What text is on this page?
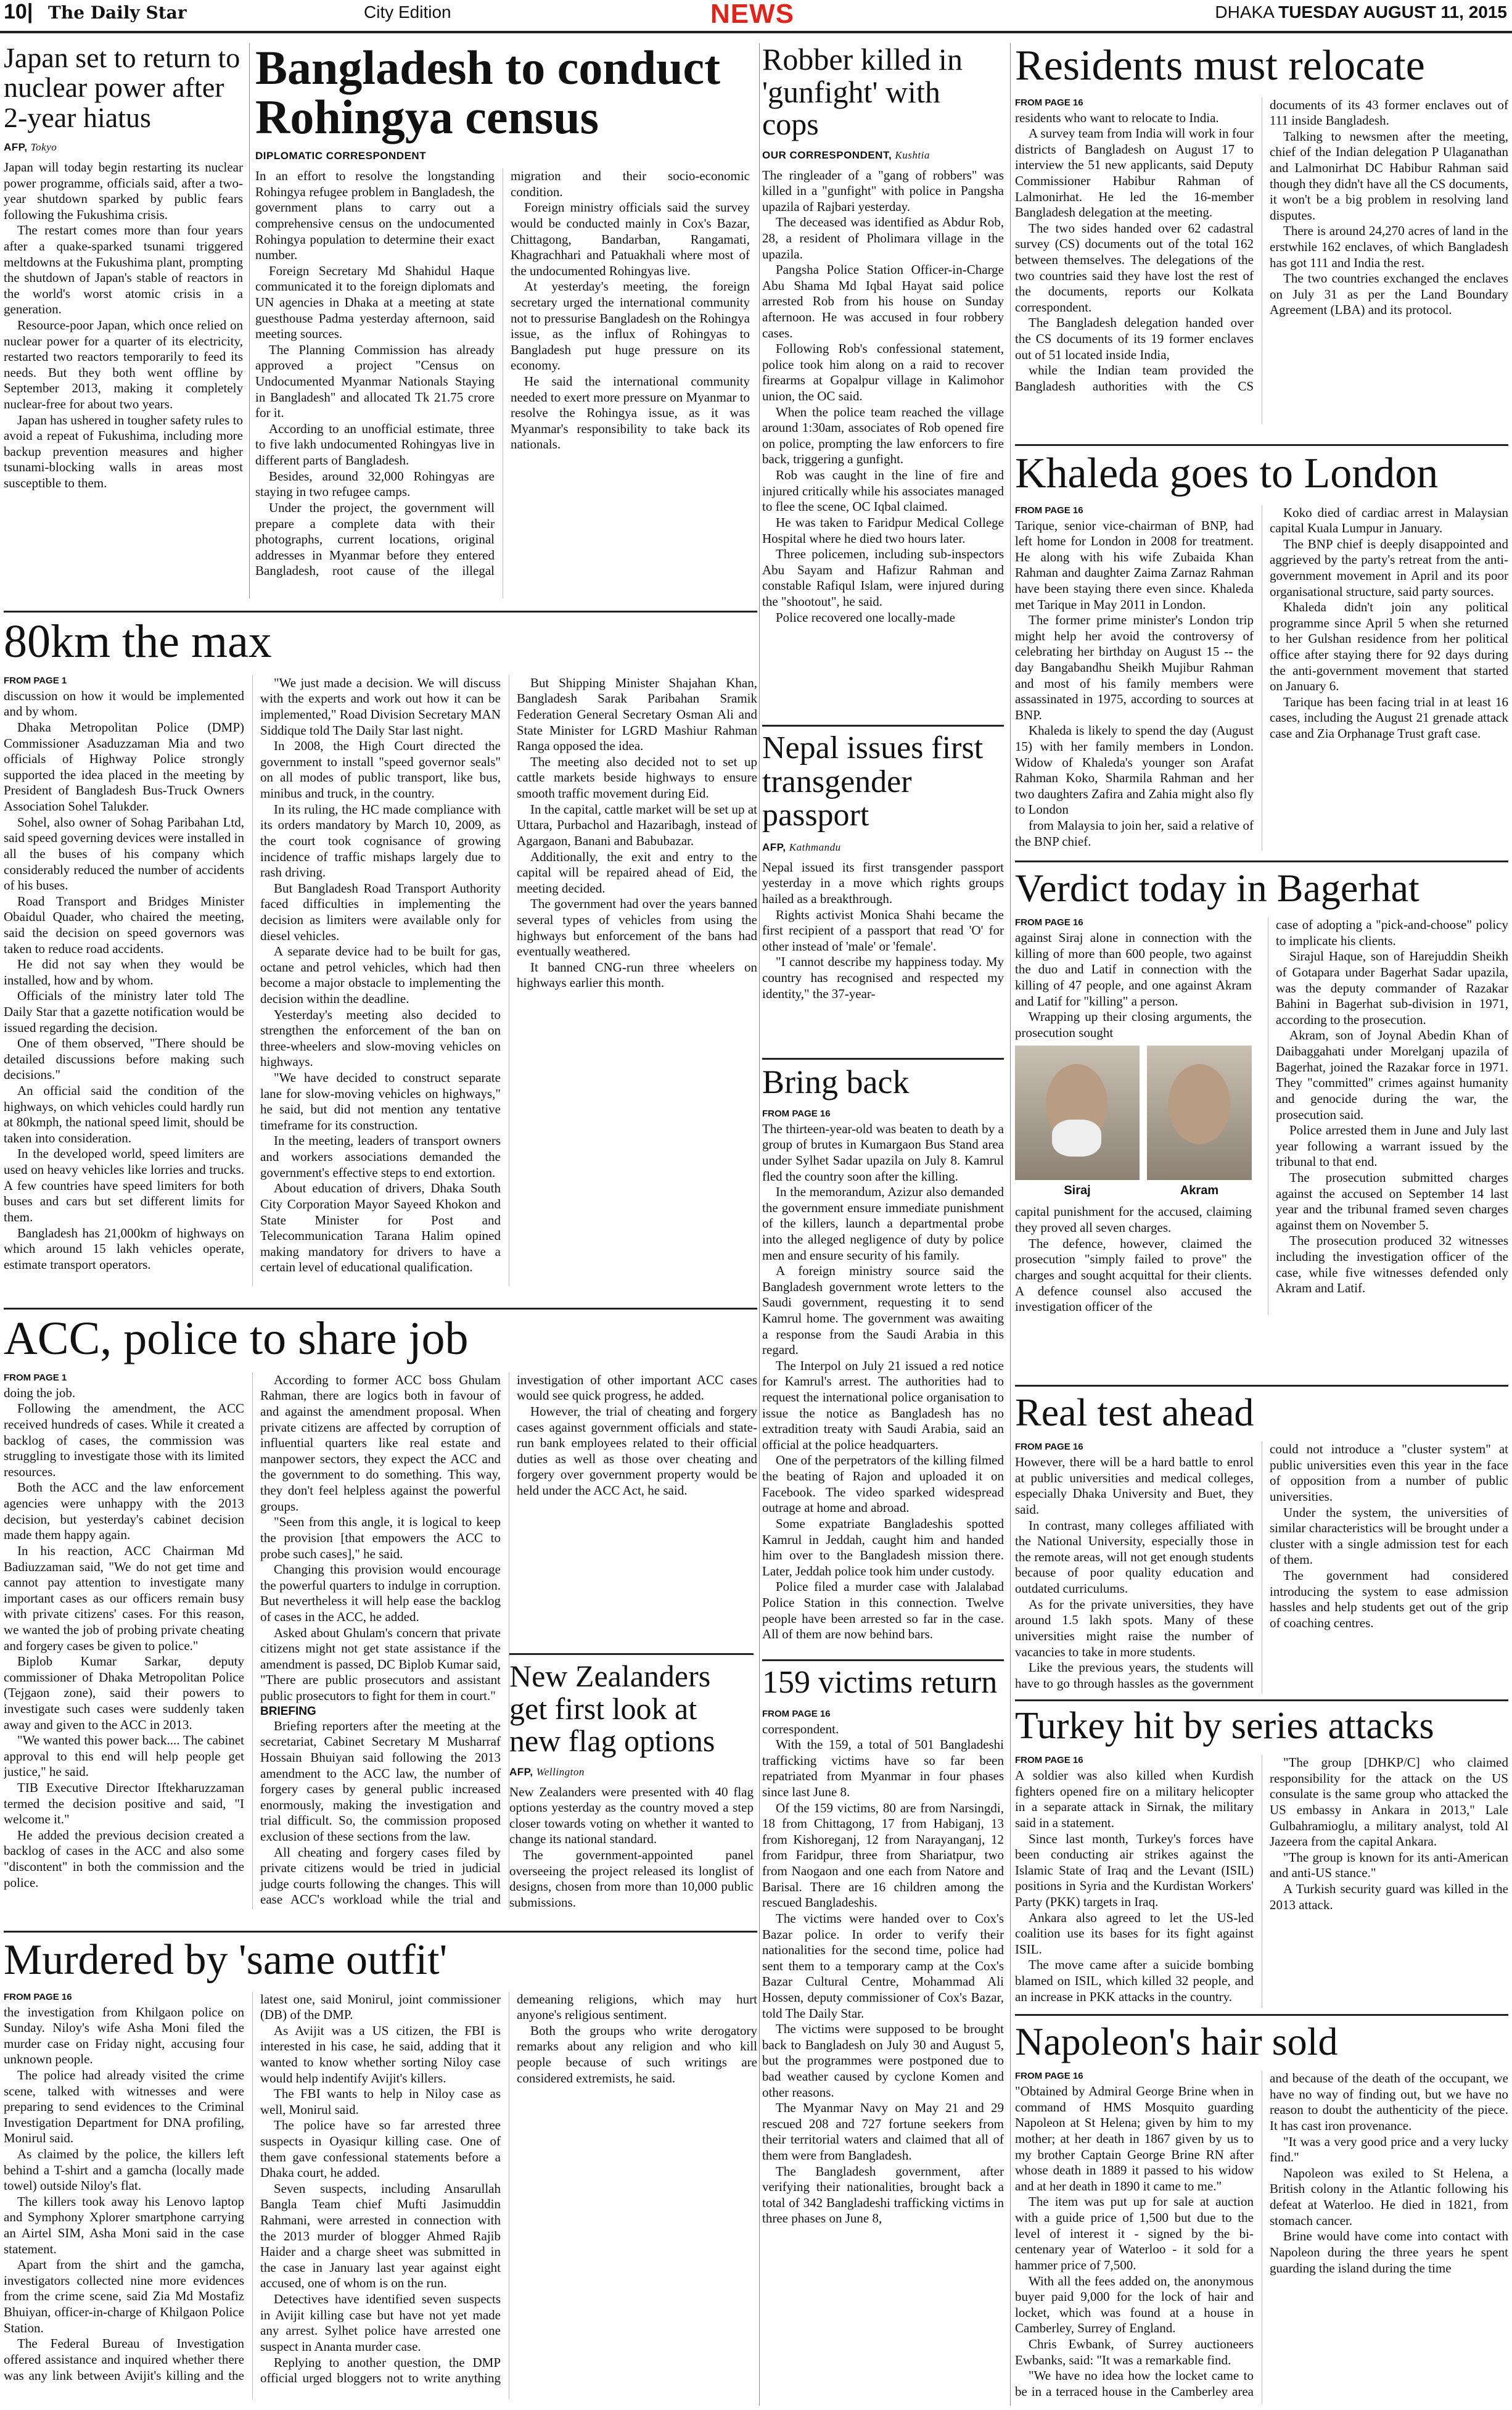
10| The Daily Star	City Edition	NEWS	DHAKA TUESDAY AUGUST 11, 2015
Japan set to return to nuclear power after 2-year hiatus
AFP, Tokyo

Japan will today begin restarting its nuclear power programme, officials said, after a two-year shutdown sparked by public fears following the Fukushima crisis.

The restart comes more than four years after a quake-sparked tsunami triggered meltdowns at the Fukushima plant, prompting the shutdown of Japan's stable of reactors in the world's worst atomic crisis in a generation.

Resource-poor Japan, which once relied on nuclear power for a quarter of its electricity, restarted two reactors temporarily to feed its needs. But they both went offline by September 2013, making it completely nuclear-free for about two years.

Japan has ushered in tougher safety rules to avoid a repeat of Fukushima, including more backup prevention measures and higher tsunami-blocking walls in areas most susceptible to them.

Bangladesh to conduct Rohingya census
DIPLOMATIC CORRESPONDENT

In an effort to resolve the longstanding Rohingya refugee problem in Bangladesh, the government plans to carry out a comprehensive census on the undocumented Rohingya population to determine their exact number.

Foreign Secretary Md Shahidul Haque communicated it to the foreign diplomats and UN agencies in Dhaka at a meeting at state guesthouse Padma yesterday afternoon, said meeting sources.

The Planning Commission has already approved a project "Census on Undocumented Myanmar Nationals Staying in Bangladesh" and allocated Tk 21.75 crore for it.

According to an unofficial estimate, three to five lakh undocumented Rohingyas live in different parts of Bangladesh.

Besides, around 32,000 Rohingyas are staying in two refugee camps.

Under the project, the government will prepare a complete data with their photographs, current locations, original addresses in Myanmar before they entered Bangladesh, root cause of the illegal migration and their socio-economic condition.

Foreign ministry officials said the survey would be conducted mainly in Cox's Bazar, Chittagong, Bandarban, Rangamati, Khagrachhari and Patuakhali where most of the undocumented Rohingyas live.

At yesterday's meeting, the foreign secretary urged the international community not to pressurise Bangladesh on the Rohingya issue, as the influx of Rohingyas to Bangladesh put huge pressure on its economy.

He said the international community needed to exert more pressure on Myanmar to resolve the Rohingya issue, as it was Myanmar's responsibility to take back its nationals.

Robber killed in 'gunfight' with cops
OUR CORRESPONDENT, Kushtia

The ringleader of a "gang of robbers" was killed in a "gunfight" with police in Pangsha upazila of Rajbari yesterday.

The deceased was identified as Abdur Rob, 28, a resident of Pholimara village in the upazila.

Pangsha Police Station Officer-in-Charge Abu Shama Md Iqbal Hayat said police arrested Rob from his house on Sunday afternoon. He was accused in four robbery cases.

Following Rob's confessional statement, police took him along on a raid to recover firearms at Gopalpur village in Kalimohor union, the OC said.

When the police team reached the village around 1:30am, associates of Rob opened fire on police, prompting the law enforcers to fire back, triggering a gunfight.

Rob was caught in the line of fire and injured critically while his associates managed to flee the scene, OC Iqbal claimed.

He was taken to Faridpur Medical College Hospital where he died two hours later.

Three policemen, including sub-inspectors Abu Sayam and Hafizur Rahman and constable Rafiqul Islam, were injured during the "shootout", he said.

Police recovered one locally-made

Residents must relocate
FROM PAGE 16

residents who want to relocate to India.

A survey team from India will work in four districts of Bangladesh on August 17 to interview the 51 new applicants, said Deputy Commissioner Habibur Rahman of Lalmonirhat. He led the 16-member Bangladesh delegation at the meeting.

The two sides handed over 62 cadastral survey (CS) documents out of the total 162 between themselves. The delegations of the two countries said they have lost the rest of the documents, reports our Kolkata correspondent.

The Bangladesh delegation handed over the CS documents of its 19 former enclaves out of 51 located inside India,

while the Indian team provided the Bangladesh authorities with the CS documents of its 43 former enclaves out of 111 inside Bangladesh.

Talking to newsmen after the meeting, chief of the Indian delegation P Ulaganathan and Lalmonirhat DC Habibur Rahman said though they didn't have all the CS documents, it won't be a big problem in resolving land disputes.

There is around 24,270 acres of land in the erstwhile 162 enclaves, of which Bangladesh has got 111 and India the rest.

The two countries exchanged the enclaves on July 31 as per the Land Boundary Agreement (LBA) and its protocol.

Khaleda goes to London
FROM PAGE 16

Tarique, senior vice-chairman of BNP, had left home for London in 2008 for treatment. He along with his wife Zubaida Khan Rahman and daughter Zaima Zarnaz Rahman have been staying there even since. Khaleda met Tarique in May 2011 in London.

The former prime minister's London trip might help her avoid the controversy of celebrating her birthday on August 15 -- the day Bangabandhu Sheikh Mujibur Rahman and most of his family members were assassinated in 1975, according to sources at BNP.

Khaleda is likely to spend the day (August 15) with her family members in London. Widow of Khaleda's younger son Arafat Rahman Koko, Sharmila Rahman and her two daughters Zafira and Zahia might also fly to London

from Malaysia to join her, said a relative of the BNP chief.

Koko died of cardiac arrest in Malaysian capital Kuala Lumpur in January.

The BNP chief is deeply disappointed and aggrieved by the party's retreat from the anti-government movement in April and its poor organisational structure, said party sources.

Khaleda didn't join any political programme since April 5 when she returned to her Gulshan residence from her political office after staying there for 92 days during the anti-government movement that started on January 6.

Tarique has been facing trial in at least 16 cases, including the August 21 grenade attack case and Zia Orphanage Trust graft case.

80km the max
FROM PAGE 1

discussion on how it would be implemented and by whom.

Dhaka Metropolitan Police (DMP) Commissioner Asaduzzaman Mia and two officials of Highway Police strongly supported the idea placed in the meeting by President of Bangladesh Bus-Truck Owners Association Sohel Talukder.

Sohel, also owner of Sohag Paribahan Ltd, said speed governing devices were installed in all the buses of his company which considerably reduced the number of accidents of his buses.

Road Transport and Bridges Minister Obaidul Quader, who chaired the meeting, said the decision on speed governors was taken to reduce road accidents.

He did not say when they would be installed, how and by whom.

Officials of the ministry later told The Daily Star that a gazette notification would be issued regarding the decision.

One of them observed, "There should be detailed discussions before making such decisions."

An official said the condition of the highways, on which vehicles could hardly run at 80kmph, the national speed limit, should be taken into consideration.

In the developed world, speed limiters are used on heavy vehicles like lorries and trucks. A few countries have speed limiters for both buses and cars but set different limits for them.

Bangladesh has 21,000km of highways on which around 15 lakh vehicles operate, estimate transport operators.

"We just made a decision. We will discuss with the experts and work out how it can be implemented," Road Division Secretary MAN Siddique told The Daily Star last night.

In 2008, the High Court directed the government to install "speed governor seals" on all modes of public transport, like bus, minibus and truck, in the country.

In its ruling, the HC made compliance with its orders mandatory by March 10, 2009, as the court took cognisance of growing incidence of traffic mishaps largely due to rash driving.

But Bangladesh Road Transport Authority faced difficulties in implementing the decision as limiters were available only for diesel vehicles.

A separate device had to be built for gas, octane and petrol vehicles, which had then become a major obstacle to implementing the decision within the deadline.

Yesterday's meeting also decided to strengthen the enforcement of the ban on three-wheelers and slow-moving vehicles on highways.

"We have decided to construct separate lane for slow-moving vehicles on highways," he said, but did not mention any tentative timeframe for its construction.

In the meeting, leaders of transport owners and workers associations demanded the government's effective steps to end extortion.

About education of drivers, Dhaka South City Corporation Mayor Sayeed Khokon and State Minister for Post and Telecommunication Tarana Halim opined making mandatory for drivers to have a certain level of educational qualification.

But Shipping Minister Shajahan Khan, Bangladesh Sarak Paribahan Sramik Federation General Secretary Osman Ali and State Minister for LGRD Mashiur Rahman Ranga opposed the idea.

The meeting also decided not to set up cattle markets beside highways to ensure smooth traffic movement during Eid.

In the capital, cattle market will be set up at Uttara, Purbachol and Hazaribagh, instead of Agargaon, Banani and Babubazar.

Additionally, the exit and entry to the capital will be repaired ahead of Eid, the meeting decided.

The government had over the years banned several types of vehicles from using the highways but enforcement of the bans had eventually weathered.

It banned CNG-run three wheelers on highways earlier this month.

Nepal issues first transgender passport
AFP, Kathmandu

Nepal issued its first transgender passport yesterday in a move which rights groups hailed as a breakthrough.

Rights activist Monica Shahi became the first recipient of a passport that read 'O' for other instead of 'male' or 'female'.

"I cannot describe my happiness today. My country has recognised and respected my identity," the 37-year-

Verdict today in Bagerhat
FROM PAGE 16

against Siraj alone in connection with the killing of more than 600 people, two against the duo and Latif in connection with the killing of 47 people, and one against Akram and Latif for "killing" a person.

Wrapping up their closing arguments, the prosecution sought

Siraj	Akram

capital punishment for the accused, claiming they proved all seven charges.

The defence, however, claimed the prosecution "simply failed to prove" the charges and sought acquittal for their clients. A defence counsel also accused the investigation officer of the

case of adopting a "pick-and-choose" policy to implicate his clients.

Sirajul Haque, son of Harejuddin Sheikh of Gotapara under Bagerhat Sadar upazila, was the deputy commander of Razakar Bahini in Bagerhat sub-division in 1971, according to the prosecution.

Akram, son of Joynal Abedin Khan of Daibaggahati under Morelganj upazila of Bagerhat, joined the Razakar force in 1971. They "committed" crimes against humanity and genocide during the war, the prosecution said.

Police arrested them in June and July last year following a warrant issued by the tribunal to that end.

The prosecution submitted charges against the accused on September 14 last year and the tribunal framed seven charges against them on November 5.

The prosecution produced 32 witnesses including the investigation officer of the case, while five witnesses defended only Akram and Latif.

Bring back
FROM PAGE 16

The thirteen-year-old was beaten to death by a group of brutes in Kumargaon Bus Stand area under Sylhet Sadar upazila on July 8. Kamrul fled the country soon after the killing.

In the memorandum, Azizur also demanded the government ensure immediate punishment of the killers, launch a departmental probe into the alleged negligence of duty by police men and ensure security of his family.

A foreign ministry source said the Bangladesh government wrote letters to the Saudi government, requesting it to send Kamrul home. The government was awaiting a response from the Saudi Arabia in this regard.

The Interpol on July 21 issued a red notice for Kamrul's arrest. The authorities had to request the international police organisation to issue the notice as Bangladesh has no extradition treaty with Saudi Arabia, said an official at the police headquarters.

One of the perpetrators of the killing filmed the beating of Rajon and uploaded it on Facebook. The video sparked widespread outrage at home and abroad.

Some expatriate Bangladeshis spotted Kamrul in Jeddah, caught him and handed him over to the Bangladesh mission there. Later, Jeddah police took him under custody.

Police filed a murder case with Jalalabad Police Station in this connection. Twelve people have been arrested so far in the case. All of them are now behind bars.

ACC, police to share job
FROM PAGE 1

doing the job.

Following the amendment, the ACC received hundreds of cases. While it created a backlog of cases, the commission was struggling to investigate those with its limited resources.

Both the ACC and the law enforcement agencies were unhappy with the 2013 decision, but yesterday's cabinet decision made them happy again.

In his reaction, ACC Chairman Md Badiuzzaman said, "We do not get time and cannot pay attention to investigate many important cases as our officers remain busy with private citizens' cases. For this reason, we wanted the job of probing private cheating and forgery cases be given to police."

Biplob Kumar Sarkar, deputy commissioner of Dhaka Metropolitan Police (Tejgaon zone), said their powers to investigate such cases were suddenly taken away and given to the ACC in 2013.

"We wanted this power back.... The cabinet approval to this end will help people get justice," he said.

TIB Executive Director Iftekharuzzaman termed the decision positive and said, "I welcome it."

He added the previous decision created a backlog of cases in the ACC and also some "discontent" in both the commission and the police.

According to former ACC boss Ghulam Rahman, there are logics both in favour of and against the amendment proposal. When private citizens are affected by corruption of influential quarters like real estate and manpower sectors, they expect the ACC and the government to do something. This way, they don't feel helpless against the powerful groups.

"Seen from this angle, it is logical to keep the provision [that empowers the ACC to probe such cases]," he said.

Changing this provision would encourage the powerful quarters to indulge in corruption. But nevertheless it will help ease the backlog of cases in the ACC, he added.

Asked about Ghulam's concern that private citizens might not get state assistance if the amendment is passed, DC Biplob Kumar said, "There are public prosecutors and assistant public prosecutors to fight for them in court."

BRIEFING

Briefing reporters after the meeting at the secretariat, Cabinet Secretary M Musharraf Hossain Bhuiyan said following the 2013 amendment to the ACC law, the number of forgery cases by general public increased enormously, making the investigation and trial difficult. So, the commission proposed exclusion of these sections from the law.

All cheating and forgery cases filed by private citizens would be tried in judicial judge courts following the changes. This will ease ACC's workload while the trial and investigation of other important ACC cases would see quick progress, he added.

However, the trial of cheating and forgery cases against government officials and state-run bank employees related to their official duties as well as those over cheating and forgery over government property would be held under the ACC Act, he said.

New Zealanders get first look at new flag options
AFP, Wellington

New Zealanders were presented with 40 flag options yesterday as the country moved a step closer towards voting on whether it wanted to change its national standard.

The government-appointed panel overseeing the project released its longlist of designs, chosen from more than 10,000 public submissions.

Real test ahead
FROM PAGE 16

However, there will be a hard battle to enrol at public universities and medical colleges, especially Dhaka University and Buet, they said.

In contrast, many colleges affiliated with the National University, especially those in the remote areas, will not get enough students because of poor quality education and outdated curriculums.

As for the private universities, they have around 1.5 lakh spots. Many of these universities might raise the number of vacancies to take in more students.

Like the previous years, the students will have to go through hassles as the government could not introduce a "cluster system" at public universities even this year in the face of opposition from a number of public universities.

Under the system, the universities of similar characteristics will be brought under a cluster with a single admission test for each of them.

The government had considered introducing the system to ease admission hassles and help students get out of the grip of coaching centres.

159 victims return
FROM PAGE 16

correspondent.

With the 159, a total of 501 Bangladeshi trafficking victims have so far been repatriated from Myanmar in four phases since last June 8.

Of the 159 victims, 80 are from Narsingdi, 18 from Chittagong, 17 from Habiganj, 13 from Kishoreganj, 12 from Narayanganj, 12 from Faridpur, three from Shariatpur, two from Naogaon and one each from Natore and Barisal. There are 16 children among the rescued Bangladeshis.

The victims were handed over to Cox's Bazar police. In order to verify their nationalities for the second time, police had sent them to a temporary camp at the Cox's Bazar Cultural Centre, Mohammad Ali Hossen, deputy commissioner of Cox's Bazar, told The Daily Star.

The victims were supposed to be brought back to Bangladesh on July 30 and August 5, but the programmes were postponed due to bad weather caused by cyclone Komen and other reasons.

The Myanmar Navy on May 21 and 29 rescued 208 and 727 fortune seekers from their territorial waters and claimed that all of them were from Bangladesh.

The Bangladesh government, after verifying their nationalities, brought back a total of 342 Bangladeshi trafficking victims in three phases on June 8,

Turkey hit by series attacks
FROM PAGE 16

A soldier was also killed when Kurdish fighters opened fire on a military helicopter in a separate attack in Sirnak, the military said in a statement.

Since last month, Turkey's forces have been conducting air strikes against the Islamic State of Iraq and the Levant (ISIL) positions in Syria and the Kurdistan Workers' Party (PKK) targets in Iraq.

Ankara also agreed to let the US-led coalition use its bases for its fight against ISIL.

The move came after a suicide bombing blamed on ISIL, which killed 32 people, and an increase in PKK attacks in the country.

"The group [DHKP/C] who claimed responsibility for the attack on the US consulate is the same group who attacked the US embassy in Ankara in 2013," Lale Gulbahramioglu, a military analyst, told Al Jazeera from the capital Ankara.

"The group is known for its anti-American and anti-US stance."

A Turkish security guard was killed in the 2013 attack.

Murdered by 'same outfit'
FROM PAGE 16

the investigation from Khilgaon police on Sunday. Niloy's wife Asha Moni filed the murder case on Friday night, accusing four unknown people.

The police had already visited the crime scene, talked with witnesses and were preparing to send evidences to the Criminal Investigation Department for DNA profiling, Monirul said.

As claimed by the police, the killers left behind a T-shirt and a gamcha (locally made towel) outside Niloy's flat.

The killers took away his Lenovo laptop and Symphony Xplorer smartphone carrying an Airtel SIM, Asha Moni said in the case statement.

Apart from the shirt and the gamcha, investigators collected nine more evidences from the crime scene, said Zia Md Mostafiz Bhuiyan, officer-in-charge of Khilgaon Police Station.

The Federal Bureau of Investigation offered assistance and inquired whether there was any link between Avijit's killing and the latest one, said Monirul, joint commissioner (DB) of the DMP.

As Avijit was a US citizen, the FBI is interested in his case, he said, adding that it wanted to know whether sorting Niloy case would help indentify Avijit's killers.

The FBI wants to help in Niloy case as well, Monirul said.

The police have so far arrested three suspects in Oyasiqur killing case. One of them gave confessional statements before a Dhaka court, he added.

Seven suspects, including Ansarullah Bangla Team chief Mufti Jasimuddin Rahmani, were arrested in connection with the 2013 murder of blogger Ahmed Rajib Haider and a charge sheet was submitted in the case in January last year against eight accused, one of whom is on the run.

Detectives have identified seven suspects in Avijit killing case but have not yet made any arrest. Sylhet police have arrested one suspect in Ananta murder case.

Replying to another question, the DMP official urged bloggers not to write anything demeaning religions, which may hurt anyone's religious sentiment.

Both the groups who write derogatory remarks about any religion and who kill people because of such writings are considered extremists, he said.

Napoleon's hair sold
FROM PAGE 16

"Obtained by Admiral George Brine when in command of HMS Mosquito guarding Napoleon at St Helena; given by him to my mother; at her death in 1867 given by us to my brother Captain George Brine RN after whose death in 1889 it passed to his widow and at her death in 1890 it came to me."

The item was put up for sale at auction with a guide price of 1,500 but due to the level of interest it - signed by the bi-centenary year of Waterloo - it sold for a hammer price of 7,500.

With all the fees added on, the anonymous buyer paid 9,000 for the lock of hair and locket, which was found at a house in Camberley, Surrey of England.

Chris Ewbank, of Surrey auctioneers Ewbanks, said: "It was a remarkable find.

"We have no idea how the locket came to be in a terraced house in the Camberley area and because of the death of the occupant, we have no way of finding out, but we have no reason to doubt the authenticity of the piece. It has cast iron provenance.

"It was a very good price and a very lucky find."

Napoleon was exiled to St Helena, a British colony in the Atlantic following his defeat at Waterloo. He died in 1821, from stomach cancer.

Brine would have come into contact with Napoleon during the three years he spent guarding the island during the time
